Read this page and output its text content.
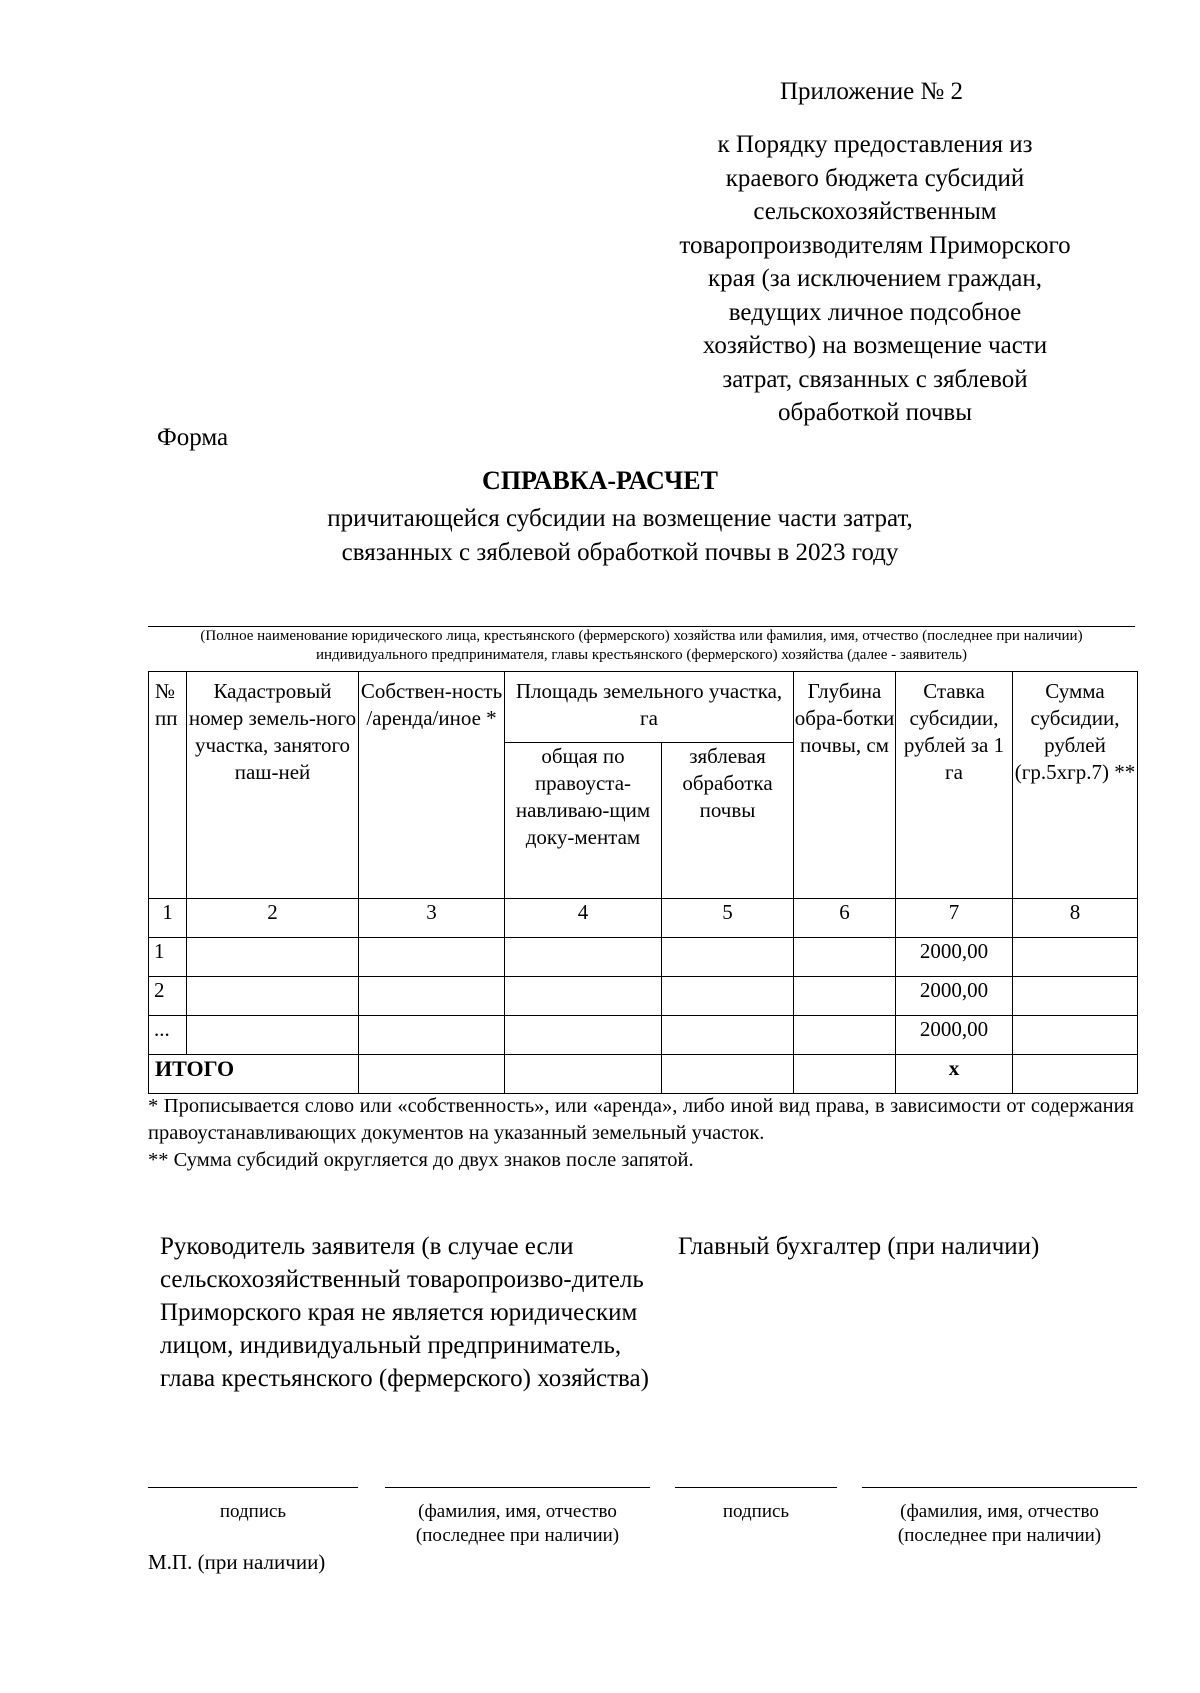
Приложение № 2
к Порядку предоставления из
краевого бюджета субсидий
сельскохозяйственным
товаропроизводителям Приморского
края (за исключением граждан,
ведущих личное подсобное
хозяйство) на возмещение части
затрат, связанных с зяблевой
обработкой почвы
Форма
СПРАВКА-РАСЧЕТ
причитающейся субсидии на возмещение части затрат,
связанных с зяблевой обработкой почвы в 2023 году
(Полное наименование юридического лица, крестьянского (фермерского) хозяйства или фамилия, имя, отчество (последнее при наличии) индивидуального предпринимателя, главы крестьянского (фермерского) хозяйства (далее - заявитель)
№ пп	Кадастровый номер земель-ного участка, занятого паш-ней	Собствен-ность /аренда/иное *	Площадь земельного участка, га		Глубина обра-ботки почвы, см	Ставка субсидии, рублей за 1 га	Сумма субсидии, рублей (гр.5хгр.7) **
			общая по правоуста-навливаю-щим доку-ментам	зяблевая обработка почвы			
1	2	3	4	5	6	7	8
1						2000,00	
2						2000,00	
...						2000,00	
ИТОГО						х	
* Прописывается слово или «собственность», или «аренда», либо иной вид права, в зависимости от содержания правоустанавливающих документов на указанный земельный участок.
** Сумма субсидий округляется до двух знаков после запятой.
Руководитель заявителя (в случае если сельскохозяйственный товаропроизво-дитель Приморского края не является юридическим лицом, индивидуальный предприниматель, глава крестьянского (фермерского) хозяйства)
Главный бухгалтер (при наличии)
подпись	(фамилия, имя, отчество (последнее при наличии)
подпись	(фамилия, имя, отчество (последнее при наличии)
М.П. (при наличии)
